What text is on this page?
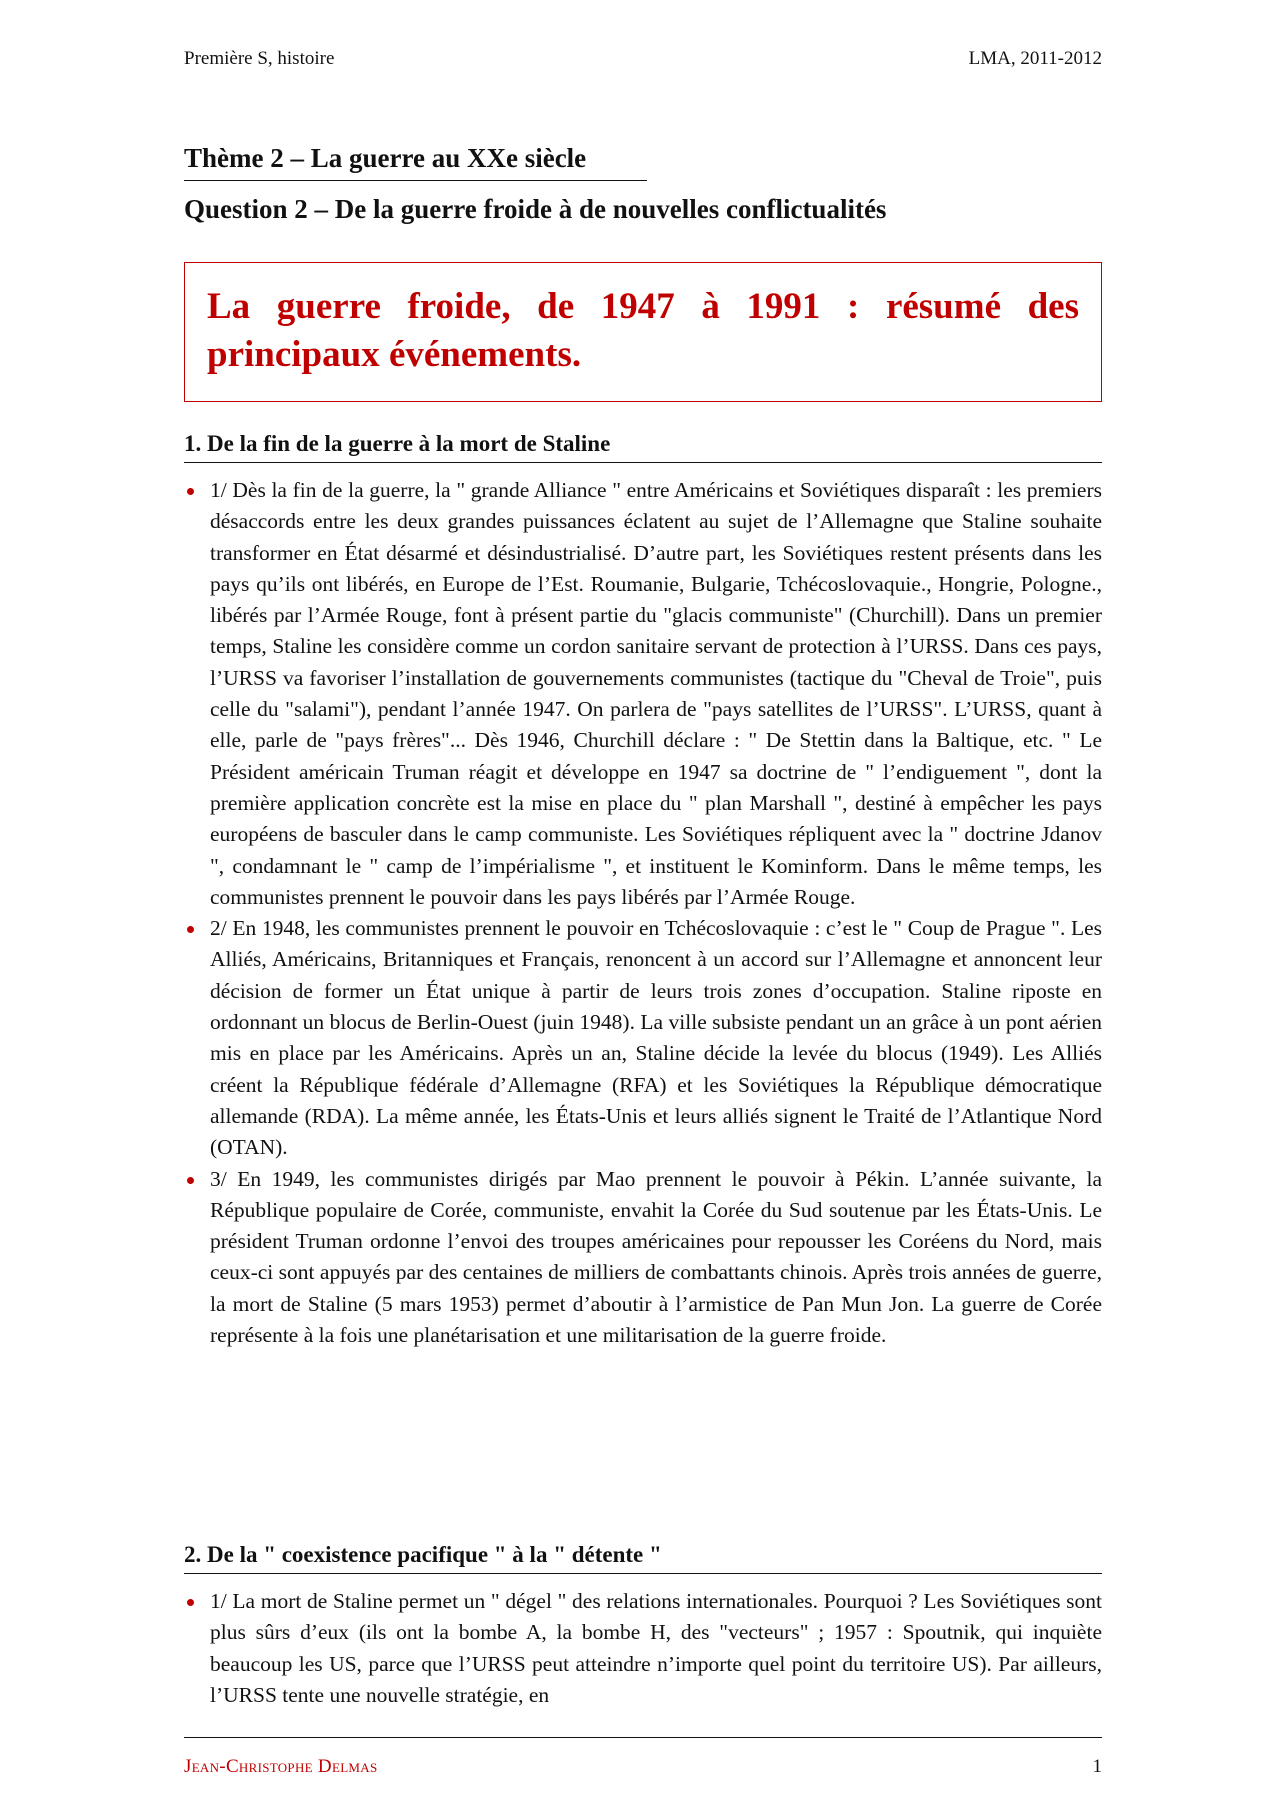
Première S, histoire	LMA, 2011-2012
Thème 2 – La guerre au XXe siècle
Question 2 – De la guerre froide à de nouvelles conflictualités
La guerre froide, de 1947 à 1991 : résumé des principaux événements.
1. De la fin de la guerre à la mort de Staline
1/ Dès la fin de la guerre, la " grande Alliance " entre Américains et Soviétiques disparaît : les premiers désaccords entre les deux grandes puissances éclatent au sujet de l’Allemagne que Staline souhaite transformer en État désarmé et désindustrialisé. D’autre part, les Soviétiques restent présents dans les pays qu’ils ont libérés, en Europe de l’Est. Roumanie, Bulgarie, Tchécoslovaquie., Hongrie, Pologne., libérés par l’Armée Rouge, font à présent partie du "glacis communiste" (Churchill). Dans un premier temps, Staline les considère comme un cordon sanitaire servant de protection à l’URSS. Dans ces pays, l’URSS va favoriser l’installation de gouvernements communistes (tactique du "Cheval de Troie", puis celle du "salami"), pendant l’année 1947. On parlera de "pays satellites de l’URSS". L’URSS, quant à elle, parle de "pays frères"... Dès 1946, Churchill déclare : " De Stettin dans la Baltique, etc. " Le Président américain Truman réagit et développe en 1947 sa doctrine de " l’endiguement ", dont la première application concrète est la mise en place du " plan Marshall ", destiné à empêcher les pays européens de basculer dans le camp communiste. Les Soviétiques répliquent avec la " doctrine Jdanov ", condamnant le " camp de l’impérialisme ", et instituent le Kominform. Dans le même temps, les communistes prennent le pouvoir dans les pays libérés par l’Armée Rouge.
2/ En 1948, les communistes prennent le pouvoir en Tchécoslovaquie : c’est le " Coup de Prague ". Les Alliés, Américains, Britanniques et Français, renoncent à un accord sur l’Allemagne et annoncent leur décision de former un État unique à partir de leurs trois zones d’occupation. Staline riposte en ordonnant un blocus de Berlin-Ouest (juin 1948). La ville subsiste pendant un an grâce à un pont aérien mis en place par les Américains. Après un an, Staline décide la levée du blocus (1949). Les Alliés créent la République fédérale d’Allemagne (RFA) et les Soviétiques la République démocratique allemande (RDA). La même année, les États-Unis et leurs alliés signent le Traité de l’Atlantique Nord (OTAN).
3/ En 1949, les communistes dirigés par Mao prennent le pouvoir à Pékin. L’année suivante, la République populaire de Corée, communiste, envahit la Corée du Sud soutenue par les États-Unis. Le président Truman ordonne l’envoi des troupes américaines pour repousser les Coréens du Nord, mais ceux-ci sont appuyés par des centaines de milliers de combattants chinois. Après trois années de guerre, la mort de Staline (5 mars 1953) permet d’aboutir à l’armistice de Pan Mun Jon. La guerre de Corée représente à la fois une planétarisation et une militarisation de la guerre froide.
2. De la " coexistence pacifique " à la " détente "
1/ La mort de Staline permet un " dégel " des relations internationales. Pourquoi ? Les Soviétiques sont plus sûrs d’eux (ils ont la bombe A, la bombe H, des "vecteurs" ; 1957 : Spoutnik, qui inquiète beaucoup les US, parce que l’URSS peut atteindre n’importe quel point du territoire US). Par ailleurs, l’URSS tente une nouvelle stratégie, en
Jean-Christophe Delmas	1
